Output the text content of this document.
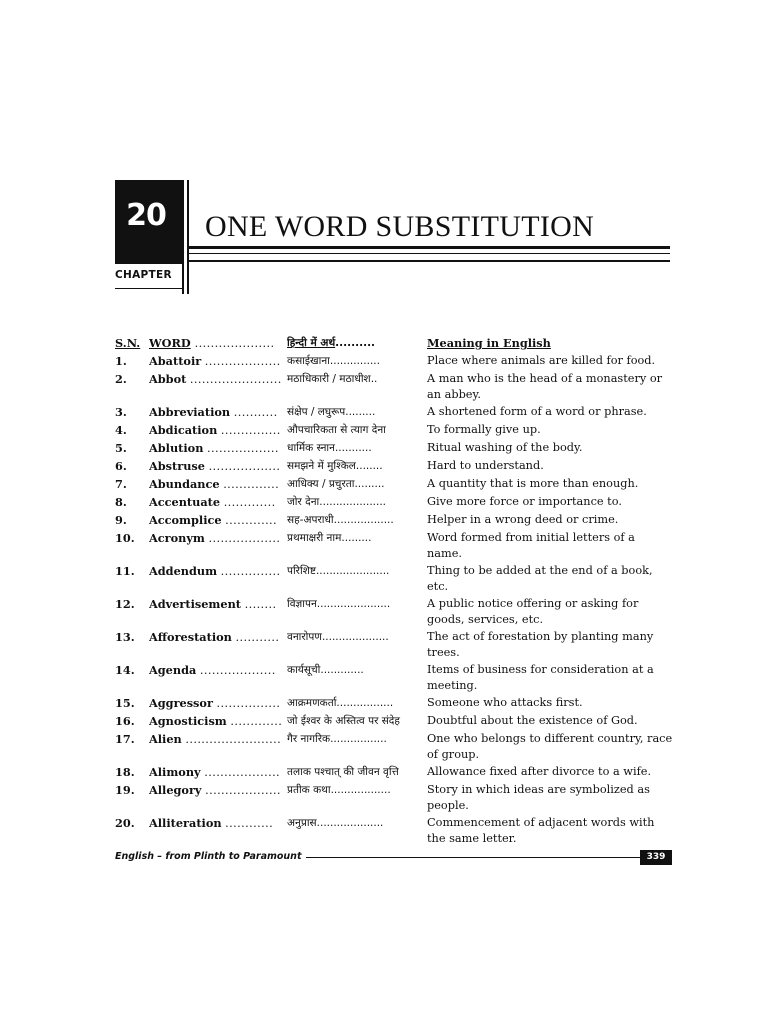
20	ONE WORD SUBSTITUTION
CHAPTER
S.N. WORD ....................	हिन्दी में अर्थ..........	Meaning in English
1.	Abattoir ................... कसाईखाना...............	Place where animals are killed for food.
2.	Abbot ....................... मठाधिकारी / मठाधीश..	A man who is the head of a monastery or an abbey.
3.	Abbreviation ........... संक्षेप / लघुरूप.........	A shortened form of a word or phrase.
4.	Abdication ............... औपचारिकता से त्याग देना	To formally give up.
5.	Ablution .................. धार्मिक स्नान...........	Ritual washing of the body.
6.	Abstruse .................. समझने में मुश्किल........	Hard to understand.
7.	Abundance .............. आधिक्य / प्रचुरता.........	A quantity that is more than enough.
8.	Accentuate .............	जोर देना....................	Give more force or importance to.
9.	Accomplice ............. सह-अपराधी..................	Helper in a wrong deed or crime.
10.	Acronym .................. प्रथमाक्षरी नाम.........	Word formed from initial letters of a name.
11.	Addendum ............... परिशिष्ट......................	Thing to be added at the end of a book, etc.
12.	Advertisement ........ विज्ञापन......................	A public notice offering or asking for goods, services, etc.
13.	Afforestation ........... वनारोपण....................	The act of forestation by planting many trees.
14.	Agenda ...................	कार्यसूची.............	Items of business for consideration at a meeting.
15.	Aggressor ................ आक्रमणकर्ता.................	Someone who attacks first.
16.	Agnosticism ............. जो ईश्वर के अस्तित्व पर संदेह	Doubtful about the existence of God.
17.	Alien ........................ गैर नागरिक.................	One who belongs to different country, race of group.
18.	Alimony ................... तलाक पश्चात् की जीवन वृत्ति	Allowance fixed after divorce to a wife.
19.	Allegory ................... प्रतीक कथा..................	Story in which ideas are symbolized as people.
20.	Alliteration ............	अनुप्रास....................	Commencement of adjacent words with the same letter.
English – from Plinth to Paramount	339
